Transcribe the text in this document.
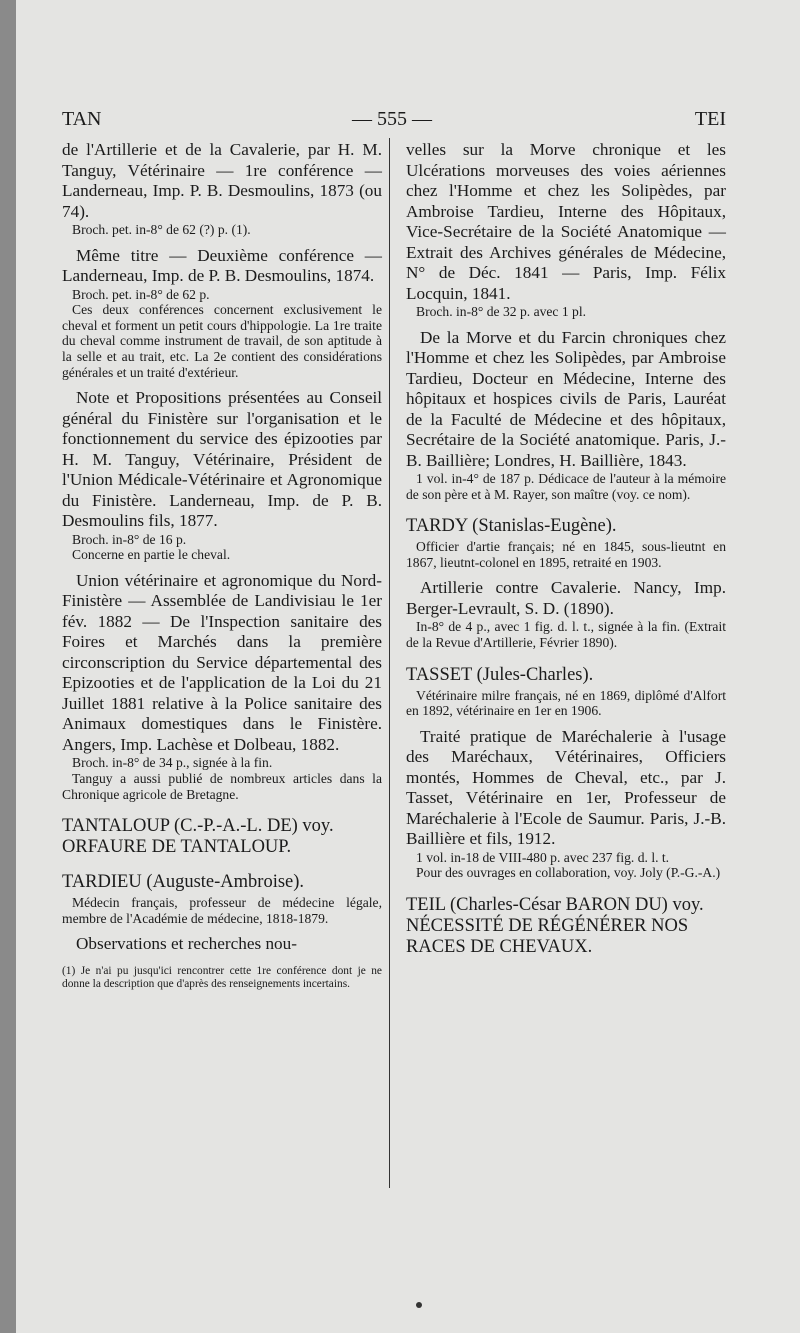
TAN	— 555 —	TEI

de l'Artillerie et de la Cavalerie, par H. M. Tanguy, Vétérinaire — 1re conférence — Landerneau, Imp. P. B. Desmoulins, 1873 (ou 74).

Broch. pet. in-8° de 62 (?) p. (1).

Même titre — Deuxième conférence — Landerneau, Imp. de P. B. Desmoulins, 1874.

Broch. pet. in-8° de 62 p.

Ces deux conférences concernent exclusivement le cheval et forment un petit cours d'hippologie. La 1re traite du cheval comme instrument de travail, de son aptitude à la selle et au trait, etc. La 2e contient des considérations générales et un traité d'extérieur.

Note et Propositions présentées au Conseil général du Finistère sur l'organisation et le fonctionnement du service des épizooties par H. M. Tanguy, Vétérinaire, Président de l'Union Médicale-Vétérinaire et Agronomique du Finistère. Landerneau, Imp. de P. B. Desmoulins fils, 1877.

Broch. in-8° de 16 p.

Concerne en partie le cheval.

Union vétérinaire et agronomique du Nord-Finistère — Assemblée de Landivisiau le 1er fév. 1882 — De l'Inspection sanitaire des Foires et Marchés dans la première circonscription du Service départemental des Epizooties et de l'application de la Loi du 21 Juillet 1881 relative à la Police sanitaire des Animaux domestiques dans le Finistère. Angers, Imp. Lachèse et Dolbeau, 1882.

Broch. in-8° de 34 p., signée à la fin.

Tanguy a aussi publié de nombreux articles dans la Chronique agricole de Bretagne.

TANTALOUP (C.-P.-A.-L. DE) voy. ORFAURE DE TANTALOUP.

TARDIEU (Auguste-Ambroise).

Médecin français, professeur de médecine légale, membre de l'Académie de médecine, 1818-1879.

Observations et recherches nou-

(1) Je n'ai pu jusqu'ici rencontrer cette 1re conférence dont je ne donne la description que d'après des renseignements incertains.

velles sur la Morve chronique et les Ulcérations morveuses des voies aériennes chez l'Homme et chez les Solipèdes, par Ambroise Tardieu, Interne des Hôpitaux, Vice-Secrétaire de la Société Anatomique — Extrait des Archives générales de Médecine, N° de Déc. 1841 — Paris, Imp. Félix Locquin, 1841.

Broch. in-8° de 32 p. avec 1 pl.

De la Morve et du Farcin chroniques chez l'Homme et chez les Solipèdes, par Ambroise Tardieu, Docteur en Médecine, Interne des hôpitaux et hospices civils de Paris, Lauréat de la Faculté de Médecine et des hôpitaux, Secrétaire de la Société anatomique. Paris, J.-B. Baillière; Londres, H. Baillière, 1843.

1 vol. in-4° de 187 p. Dédicace de l'auteur à la mémoire de son père et à M. Rayer, son maître (voy. ce nom).

TARDY (Stanislas-Eugène).

Officier d'artie français; né en 1845, sous-lieutnt en 1867, lieutnt-colonel en 1895, retraité en 1903.

Artillerie contre Cavalerie. Nancy, Imp. Berger-Levrault, S. D. (1890).

In-8° de 4 p., avec 1 fig. d. l. t., signée à la fin. (Extrait de la Revue d'Artillerie, Février 1890).

TASSET (Jules-Charles).

Vétérinaire milre français, né en 1869, diplômé d'Alfort en 1892, vétérinaire en 1er en 1906.

Traité pratique de Maréchalerie à l'usage des Maréchaux, Vétérinaires, Officiers montés, Hommes de Cheval, etc., par J. Tasset, Vétérinaire en 1er, Professeur de Maréchalerie à l'Ecole de Saumur. Paris, J.-B. Baillière et fils, 1912.

1 vol. in-18 de VIII-480 p. avec 237 fig. d. l. t.

Pour des ouvrages en collaboration, voy. Joly (P.-G.-A.)

TEIL (Charles-César BARON DU) voy. NÉCESSITÉ DE RÉGÉNÉRER NOS RACES DE CHEVAUX.
